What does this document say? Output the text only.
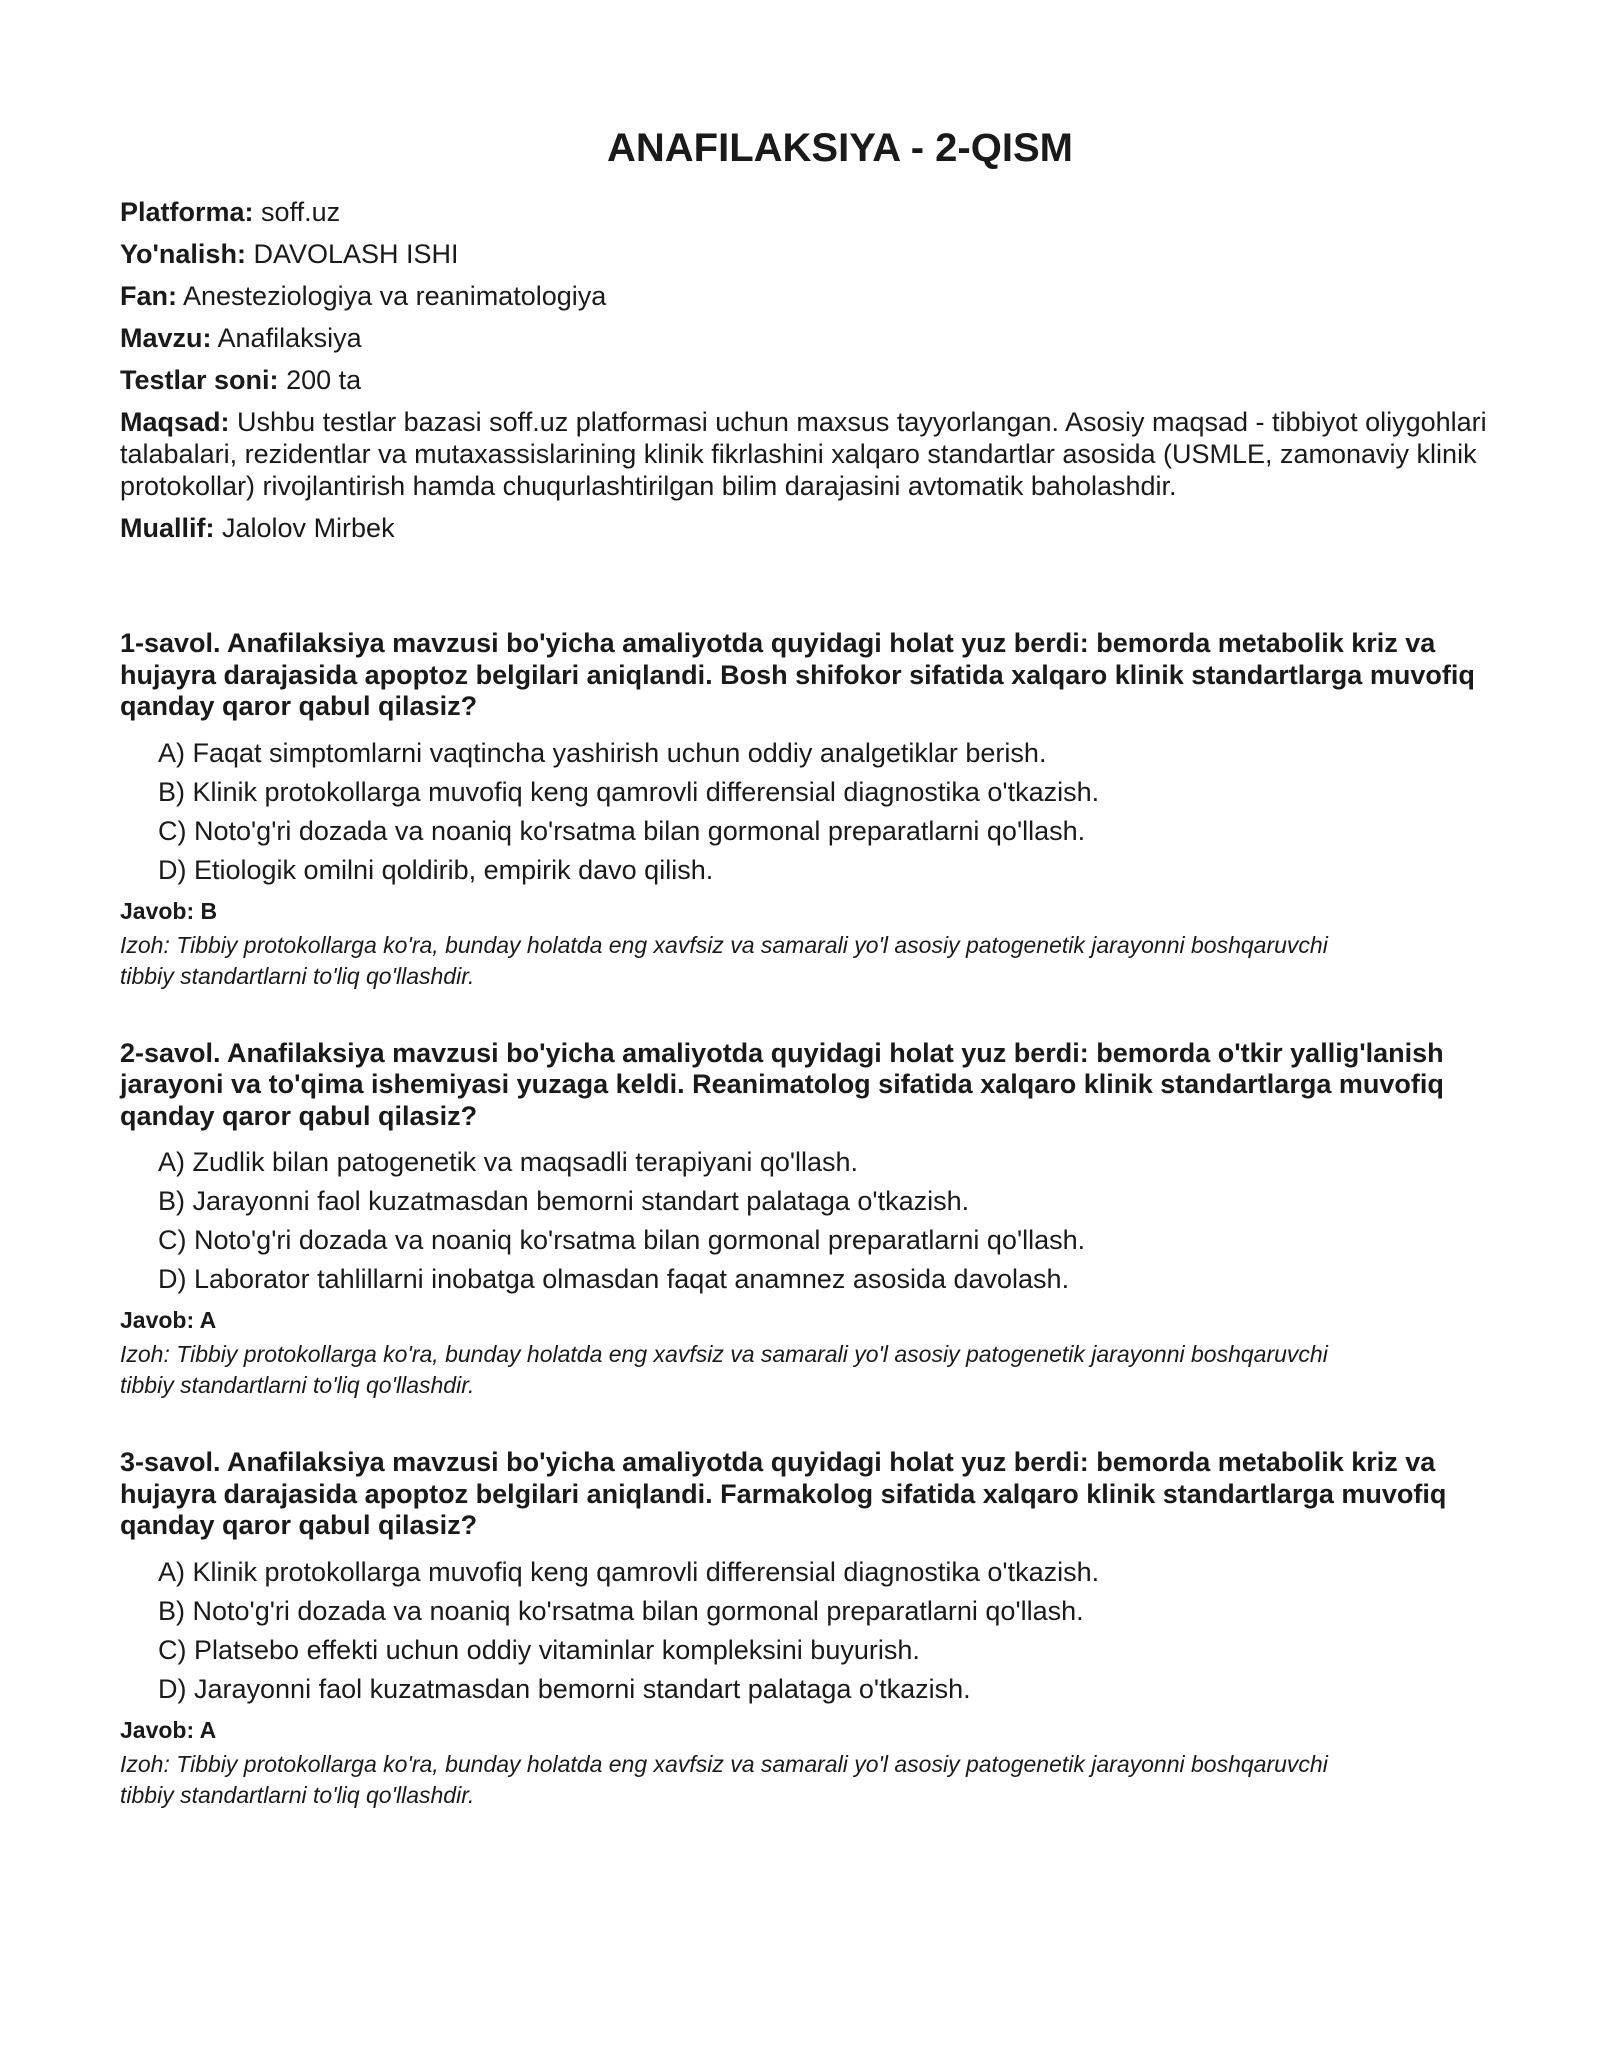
ANAFILAKSIYA - 2-QISM

Platforma: soff.uz

Yo'nalish: DAVOLASH ISHI

Fan: Anesteziologiya va reanimatologiya

Mavzu: Anafilaksiya

Testlar soni: 200 ta

Maqsad: Ushbu testlar bazasi soff.uz platformasi uchun maxsus tayyorlangan. Asosiy maqsad - tibbiyot oliygohlari talabalari, rezidentlar va mutaxassislarining klinik fikrlashini xalqaro standartlar asosida (USMLE, zamonaviy klinik protokollar) rivojlantirish hamda chuqurlashtirilgan bilim darajasini avtomatik baholashdir.

Muallif: Jalolov Mirbek

1-savol. Anafilaksiya mavzusi bo'yicha amaliyotda quyidagi holat yuz berdi: bemorda metabolik kriz va hujayra darajasida apoptoz belgilari aniqlandi. Bosh shifokor sifatida xalqaro klinik standartlarga muvofiq qanday qaror qabul qilasiz?

A) Faqat simptomlarni vaqtincha yashirish uchun oddiy analgetiklar berish.
B) Klinik protokollarga muvofiq keng qamrovli differensial diagnostika o'tkazish.
C) Noto'g'ri dozada va noaniq ko'rsatma bilan gormonal preparatlarni qo'llash.
D) Etiologik omilni qoldirib, empirik davo qilish.

Javob: B

Izoh: Tibbiy protokollarga ko'ra, bunday holatda eng xavfsiz va samarali yo'l asosiy patogenetik jarayonni boshqaruvchi tibbiy standartlarni to'liq qo'llashdir.

2-savol. Anafilaksiya mavzusi bo'yicha amaliyotda quyidagi holat yuz berdi: bemorda o'tkir yallig'lanish jarayoni va to'qima ishemiyasi yuzaga keldi. Reanimatolog sifatida xalqaro klinik standartlarga muvofiq qanday qaror qabul qilasiz?

A) Zudlik bilan patogenetik va maqsadli terapiyani qo'llash.
B) Jarayonni faol kuzatmasdan bemorni standart palataga o'tkazish.
C) Noto'g'ri dozada va noaniq ko'rsatma bilan gormonal preparatlarni qo'llash.
D) Laborator tahlillarni inobatga olmasdan faqat anamnez asosida davolash.

Javob: A

Izoh: Tibbiy protokollarga ko'ra, bunday holatda eng xavfsiz va samarali yo'l asosiy patogenetik jarayonni boshqaruvchi tibbiy standartlarni to'liq qo'llashdir.

3-savol. Anafilaksiya mavzusi bo'yicha amaliyotda quyidagi holat yuz berdi: bemorda metabolik kriz va hujayra darajasida apoptoz belgilari aniqlandi. Farmakolog sifatida xalqaro klinik standartlarga muvofiq qanday qaror qabul qilasiz?

A) Klinik protokollarga muvofiq keng qamrovli differensial diagnostika o'tkazish.
B) Noto'g'ri dozada va noaniq ko'rsatma bilan gormonal preparatlarni qo'llash.
C) Platsebo effekti uchun oddiy vitaminlar kompleksini buyurish.
D) Jarayonni faol kuzatmasdan bemorni standart palataga o'tkazish.

Javob: A

Izoh: Tibbiy protokollarga ko'ra, bunday holatda eng xavfsiz va samarali yo'l asosiy patogenetik jarayonni boshqaruvchi tibbiy standartlarni to'liq qo'llashdir.
